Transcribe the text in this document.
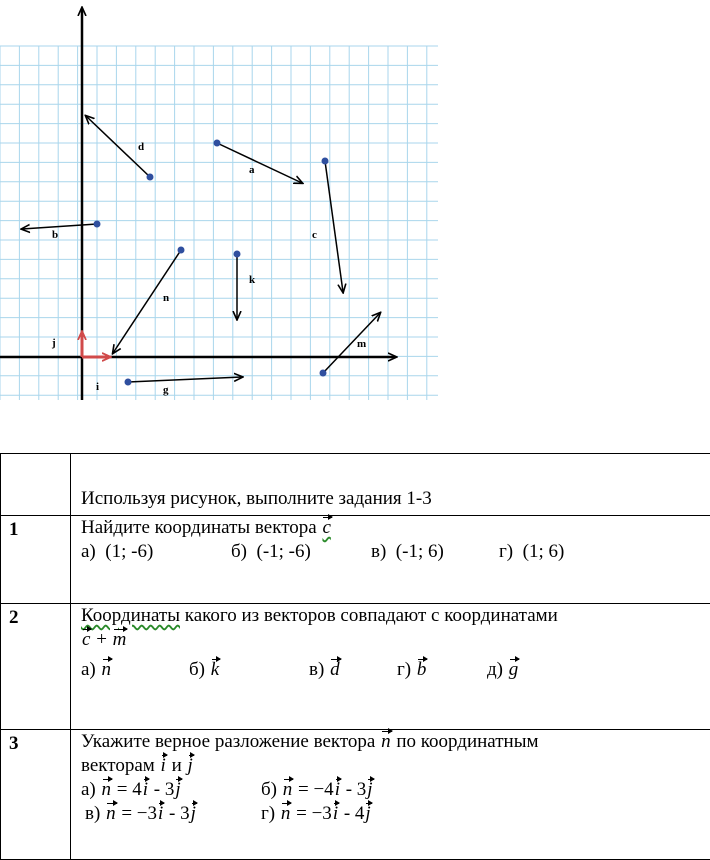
d
a
c
b
n
k
m
g
i
j
	Используя рисунок, выполните задания 1-3
1	Найдите координаты вектора c
а)  (1; -6) б)  (-1; -6) в)  (-1; 6) г)  (1; 6)

2	Координаты какого из векторов совпадают с координатами
c + m
а) n б) k в) d г) b д) g

3	Укажите верное разложение вектора n по координатным
векторам i и j
а) n = 4i - 3j б) n = −4i - 3j
в) n = −3i - 3j г) n = −3i - 4j
